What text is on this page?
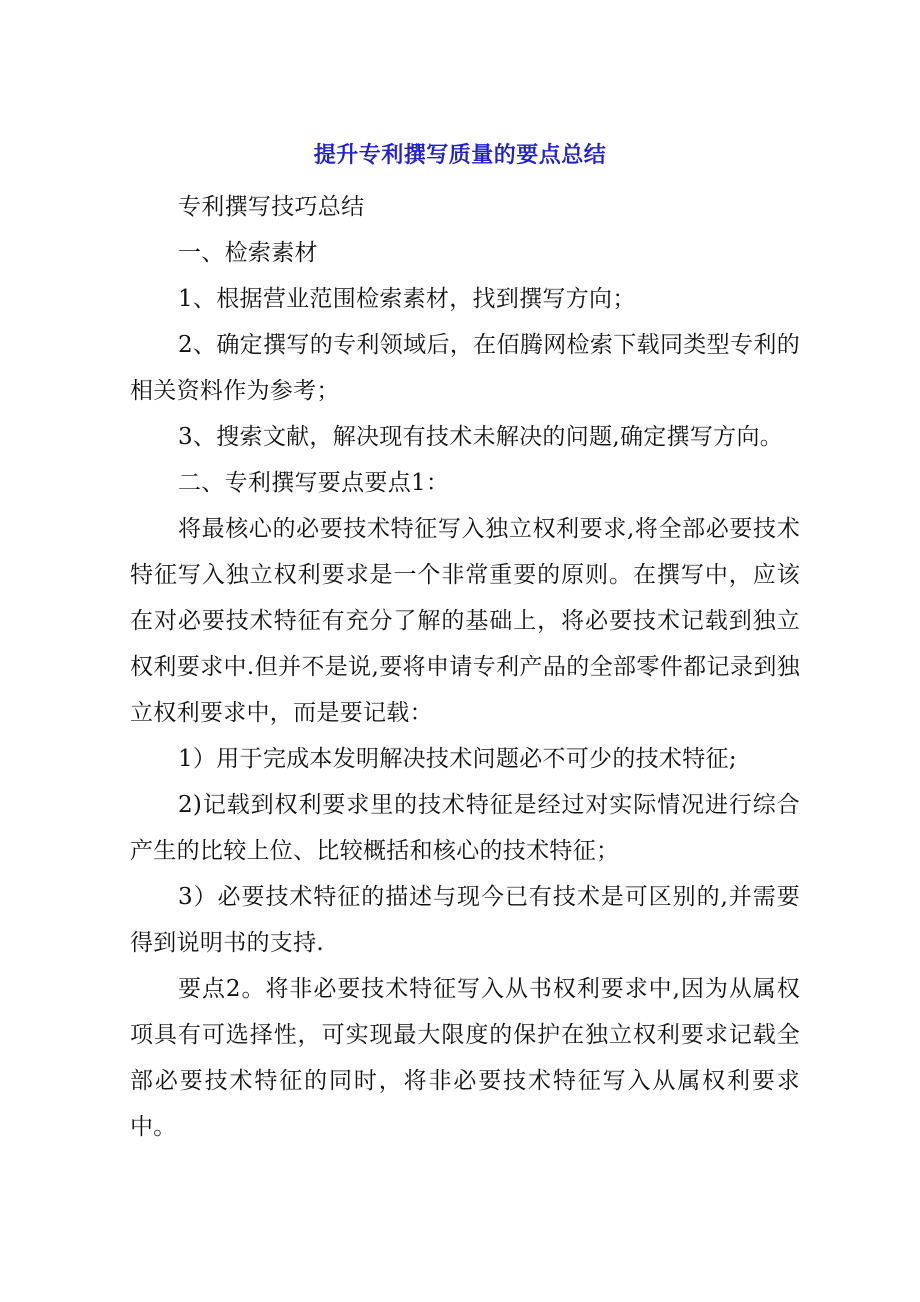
提升专利撰写质量的要点总结

专利撰写技巧总结

一、检索素材

1、根据营业范围检索素材，找到撰写方向；

2、确定撰写的专利领域后，在佰腾网检索下载同类型专利的相关资料作为参考；

3、搜索文献，解决现有技术未解决的问题,确定撰写方向。

二、专利撰写要点要点1：

将最核心的必要技术特征写入独立权利要求,将全部必要技术特征写入独立权利要求是一个非常重要的原则。在撰写中，应该在对必要技术特征有充分了解的基础上，将必要技术记载到独立权利要求中.但并不是说,要将申请专利产品的全部零件都记录到独立权利要求中，而是要记载：

1）用于完成本发明解决技术问题必不可少的技术特征;

2)记载到权利要求里的技术特征是经过对实际情况进行综合产生的比较上位、比较概括和核心的技术特征；

3）必要技术特征的描述与现今已有技术是可区别的,并需要得到说明书的支持.

要点2。将非必要技术特征写入从书权利要求中,因为从属权项具有可选择性，可实现最大限度的保护在独立权利要求记载全部必要技术特征的同时，将非必要技术特征写入从属权利要求中。
